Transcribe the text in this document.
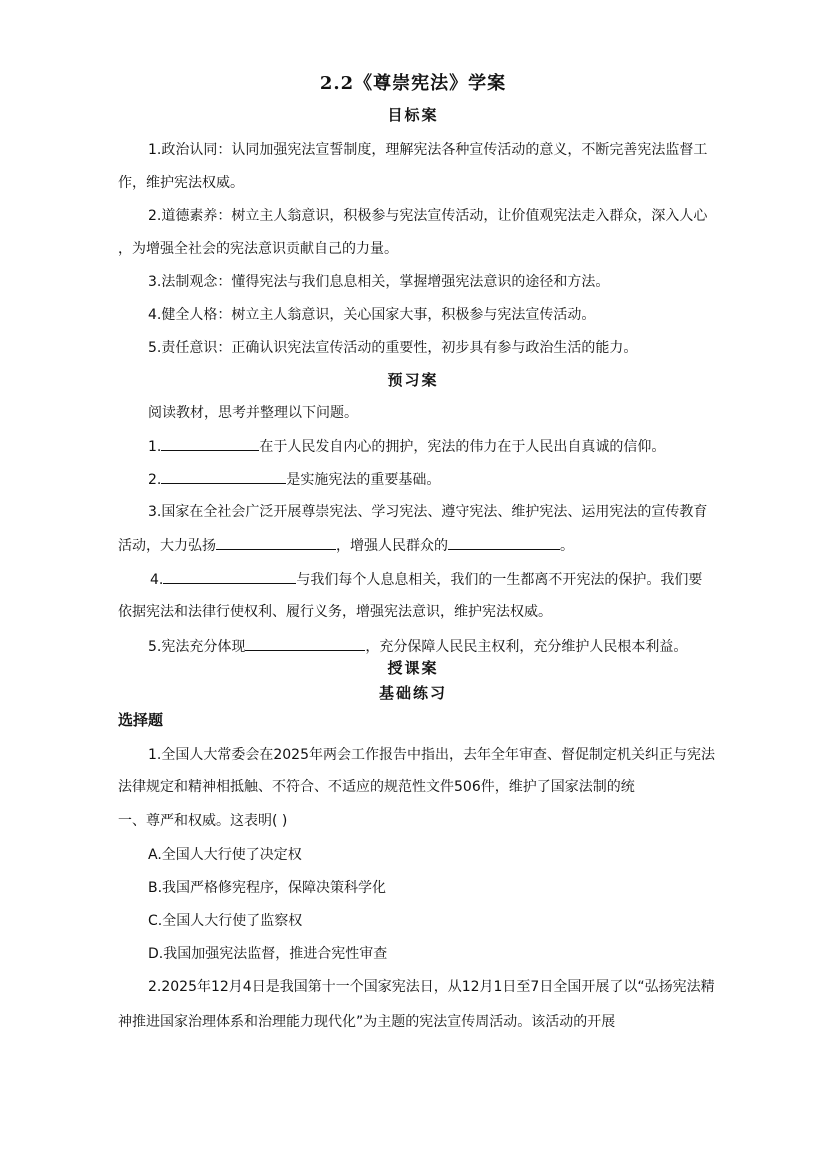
2.2《尊崇宪法》学案
目标案
1.政治认同：认同加强宪法宣誓制度，理解宪法各种宣传活动的意义，不断完善宪法监督工
作，维护宪法权威。
2.道德素养：树立主人翁意识，积极参与宪法宣传活动，让价值观宪法走入群众，深入人心
，为增强全社会的宪法意识贡献自己的力量。
3.法制观念：懂得宪法与我们息息相关，掌握增强宪法意识的途径和方法。
4.健全人格：树立主人翁意识，关心国家大事，积极参与宪法宣传活动。
5.责任意识：正确认识宪法宣传活动的重要性，初步具有参与政治生活的能力。
预习案
阅读教材，思考并整理以下问题。
1.	在于人民发自内心的拥护，宪法的伟力在于人民出自真诚的信仰。
2.	是实施宪法的重要基础。
3.国家在全社会广泛开展尊崇宪法、学习宪法、遵守宪法、维护宪法、运用宪法的宣传教育
活动，大力弘扬	，增强人民群众的	。
4.	与我们每个人息息相关，我们的一生都离不开宪法的保护。我们要
依据宪法和法律行使权利、履行义务，增强宪法意识，维护宪法权威。
5.宪法充分体现	，充分保障人民民主权利，充分维护人民根本利益。
授课案
基础练习
选择题
1.全国人大常委会在2025年两会工作报告中指出，去年全年审查、督促制定机关纠正与宪法
法律规定和精神相抵触、不符合、不适应的规范性文件506件，维护了国家法制的统
一、尊严和权威。这表明( )
A.全国人大行使了决定权
B.我国严格修宪程序，保障决策科学化
C.全国人大行使了监察权
D.我国加强宪法监督，推进合宪性审查
2.2025年12月4日是我国第十一个国家宪法日，从12月1日至7日全国开展了以“弘扬宪法精
神推进国家治理体系和治理能力现代化”为主题的宪法宣传周活动。该活动的开展
